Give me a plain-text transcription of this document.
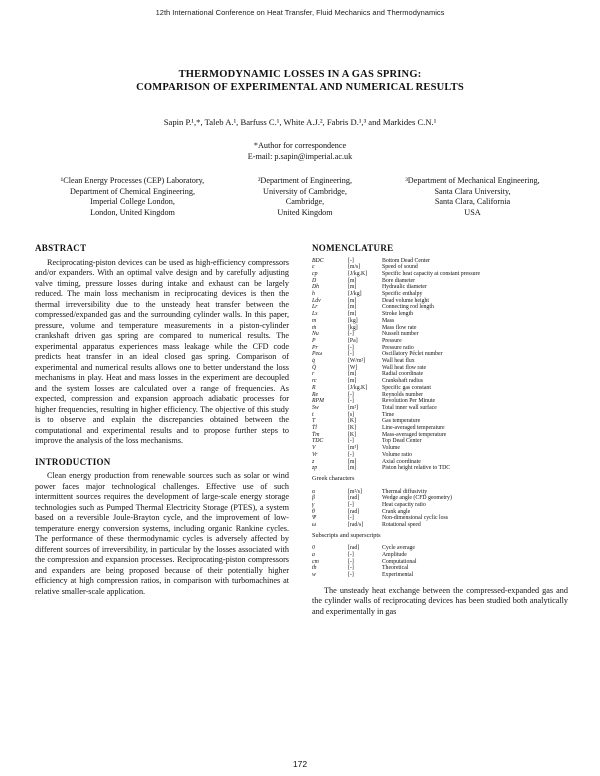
12th International Conference on Heat Transfer, Fluid Mechanics and Thermodynamics
THERMODYNAMIC LOSSES IN A GAS SPRING:
COMPARISON OF EXPERIMENTAL AND NUMERICAL RESULTS
Sapin P.¹,*, Taleb A.¹, Barfuss C.¹, White A.J.², Fabris D.¹,³ and Markides C.N.¹
*Author for correspondence
E-mail: p.sapin@imperial.ac.uk
¹Clean Energy Processes (CEP) Laboratory,
Department of Chemical Engineering,
Imperial College London,
London, United Kingdom
²Department of Engineering,
University of Cambridge,
Cambridge,
United Kingdom
³Department of Mechanical Engineering,
Santa Clara University,
Santa Clara, California
USA
ABSTRACT

Reciprocating-piston devices can be used as high-efficiency compressors and/or expanders. With an optimal valve design and by carefully adjusting valve timing, pressure losses during intake and exhaust can be largely reduced. The main loss mechanism in reciprocating devices is then the thermal irreversibility due to the unsteady heat transfer between the compressed/expanded gas and the surrounding cylinder walls. In this paper, pressure, volume and temperature measurements in a piston-cylinder crankshaft driven gas spring are compared to numerical results. The experimental apparatus experiences mass leakage while the CFD code predicts heat transfer in an ideal closed gas spring. Comparison of experimental and numerical results allows one to better understand the loss mechanisms in play. Heat and mass losses in the experiment are decoupled and the system losses are calculated over a range of frequencies. As expected, compression and expansion approach adiabatic processes for higher frequencies, resulting in higher efficiency. The objective of this study is to observe and explain the discrepancies obtained between the computational and experimental results and to propose further steps to improve the analysis of the loss mechanisms.

INTRODUCTION

Clean energy production from renewable sources such as solar or wind power faces major technological challenges. Effective use of such intermittent sources requires the development of large-scale energy storage technologies such as Pumped Thermal Electricity Storage (PTES), a system based on a reversible Joule-Brayton cycle, and the improvement of low-temperature energy conversion systems, including organic Rankine cycles. The performance of these thermodynamic cycles is adversely affected by different sources of irreversibility, in particular by the losses associated with the compression and expansion processes. Reciprocating-piston compressors and expanders are being proposed because of their potentially higher efficiency at high compression ratios, in comparison with turbomachines at relative smaller-scale application.

NOMENCLATURE
BDC	[-]	Bottom Dead Center
c	[m/s]	Speed of sound
cp	[J/kg.K]	Specific heat capacity at constant pressure
D	[m]	Bore diameter
Dh	[m]	Hydraulic diameter
h	[J/kg]	Specific enthalpy
Ldv	[m]	Dead volume height
Lr	[m]	Connecting rod length
Ls	[m]	Stroke length
m	[kg]	Mass
ṁ	[kg]	Mass flow rate
Nu	[-]	Nusselt number
P	[Pa]	Pressure
Pr	[-]	Pressure ratio
Peω	[-]	Oscillatory Péclet number
q̇	[W/m²]	Wall heat flux
Q̇	[W]	Wall heat flow rate
r	[m]	Radial coordinate
rc	[m]	Crankshaft radius
R	[J/kg.K]	Specific gas constant
Re	[-]	Reynolds number
RPM	[-]	Revolution Per Minute
Sw	[m²]	Total inner wall surface
t	[s]	Time
T	[K]	Gas temperature
T̄l	[K]	Line-averaged temperature
T̄m	[K]	Mass-averaged temperature
TDC	[-]	Top Dead Center
V	[m³]	Volume
Vr	[-]	Volume ratio
z	[m]	Axial coordinate
zp	[m]	Piston height relative to TDC
Greek characters
α	[m²/s]	Thermal diffusivity
β	[rad]	Wedge angle (CFD geometry)
γ	[-]	Heat capacity ratio
θ	[rad]	Crank angle
Ψ	[-]	Non-dimensional cyclic loss
ω	[rad/s]	Rotational speed
Subscripts and superscripts
0	[rad]	Cycle average
a	[-]	Amplitude
cm	[-]	Computational
th	[-]	Theoretical
w	[-]	Experimental

The unsteady heat exchange between the compressed-expanded gas and the cylinder walls of reciprocating devices has been studied both analytically and experimentally in gas

172
